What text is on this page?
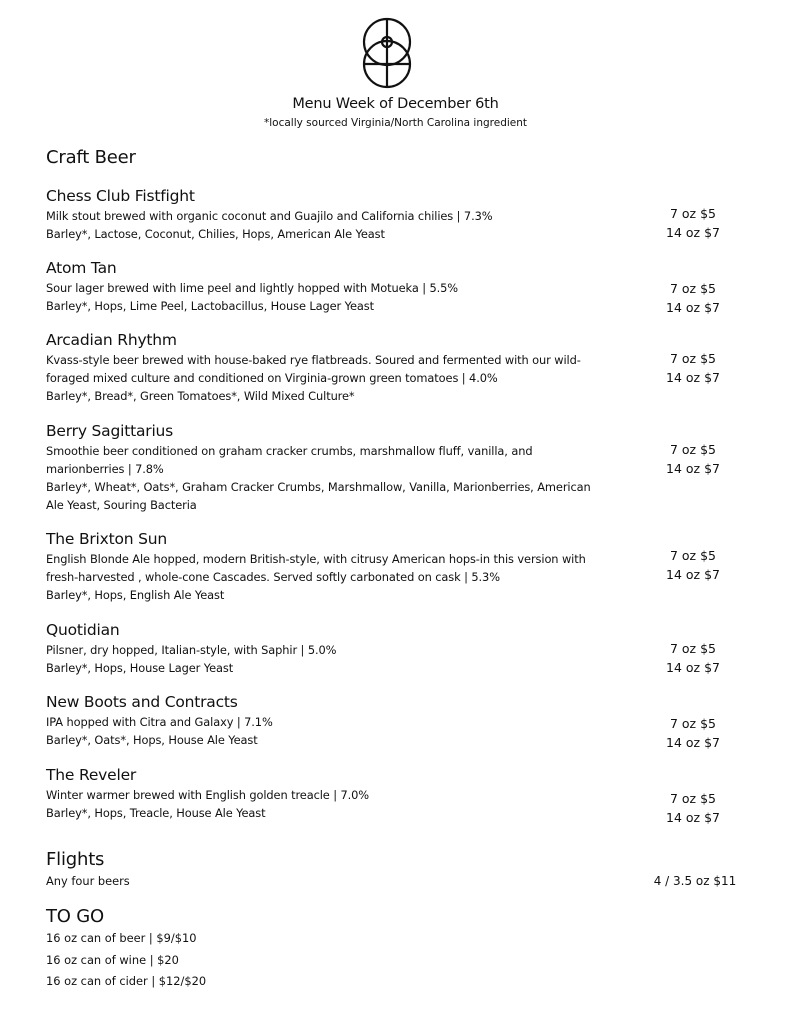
Menu Week of December 6th
*locally sourced Virginia/North Carolina ingredient
Craft Beer
Chess Club Fistfight
Milk stout brewed with organic coconut and Guajilo and California chilies | 7.3%
Barley*, Lactose, Coconut, Chilies, Hops, American Ale Yeast
7 oz $5
14 oz $7
Atom Tan
Sour lager brewed with lime peel and lightly hopped with Motueka | 5.5%
Barley*, Hops, Lime Peel, Lactobacillus, House Lager Yeast
7 oz $5
14 oz $7
Arcadian Rhythm
Kvass-style beer brewed with house-baked rye flatbreads. Soured and fermented with our wild-
foraged mixed culture and conditioned on Virginia-grown green tomatoes | 4.0%
Barley*, Bread*, Green Tomatoes*, Wild Mixed Culture*
7 oz $5
14 oz $7
Berry Sagittarius
Smoothie beer conditioned on graham cracker crumbs, marshmallow fluff, vanilla, and
marionberries | 7.8%
Barley*, Wheat*, Oats*, Graham Cracker Crumbs, Marshmallow, Vanilla, Marionberries, American
Ale Yeast, Souring Bacteria
7 oz $5
14 oz $7
The Brixton Sun
English Blonde Ale hopped, modern British-style, with citrusy American hops-in this version with
fresh-harvested , whole-cone Cascades. Served softly carbonated on cask | 5.3%
Barley*, Hops, English Ale Yeast
7 oz $5
14 oz $7
Quotidian
Pilsner, dry hopped, Italian-style, with Saphir | 5.0%
Barley*, Hops, House Lager Yeast
7 oz $5
14 oz $7
New Boots and Contracts
IPA hopped with Citra and Galaxy | 7.1%
Barley*, Oats*, Hops, House Ale Yeast
7 oz $5
14 oz $7
The Reveler
Winter warmer brewed with English golden treacle | 7.0%
Barley*, Hops, Treacle, House Ale Yeast
7 oz $5
14 oz $7
Flights
Any four beers	4 / 3.5 oz $11
TO GO
16 oz can of beer | $9/$10
16 oz can of wine | $20
16 oz can of cider | $12/$20
